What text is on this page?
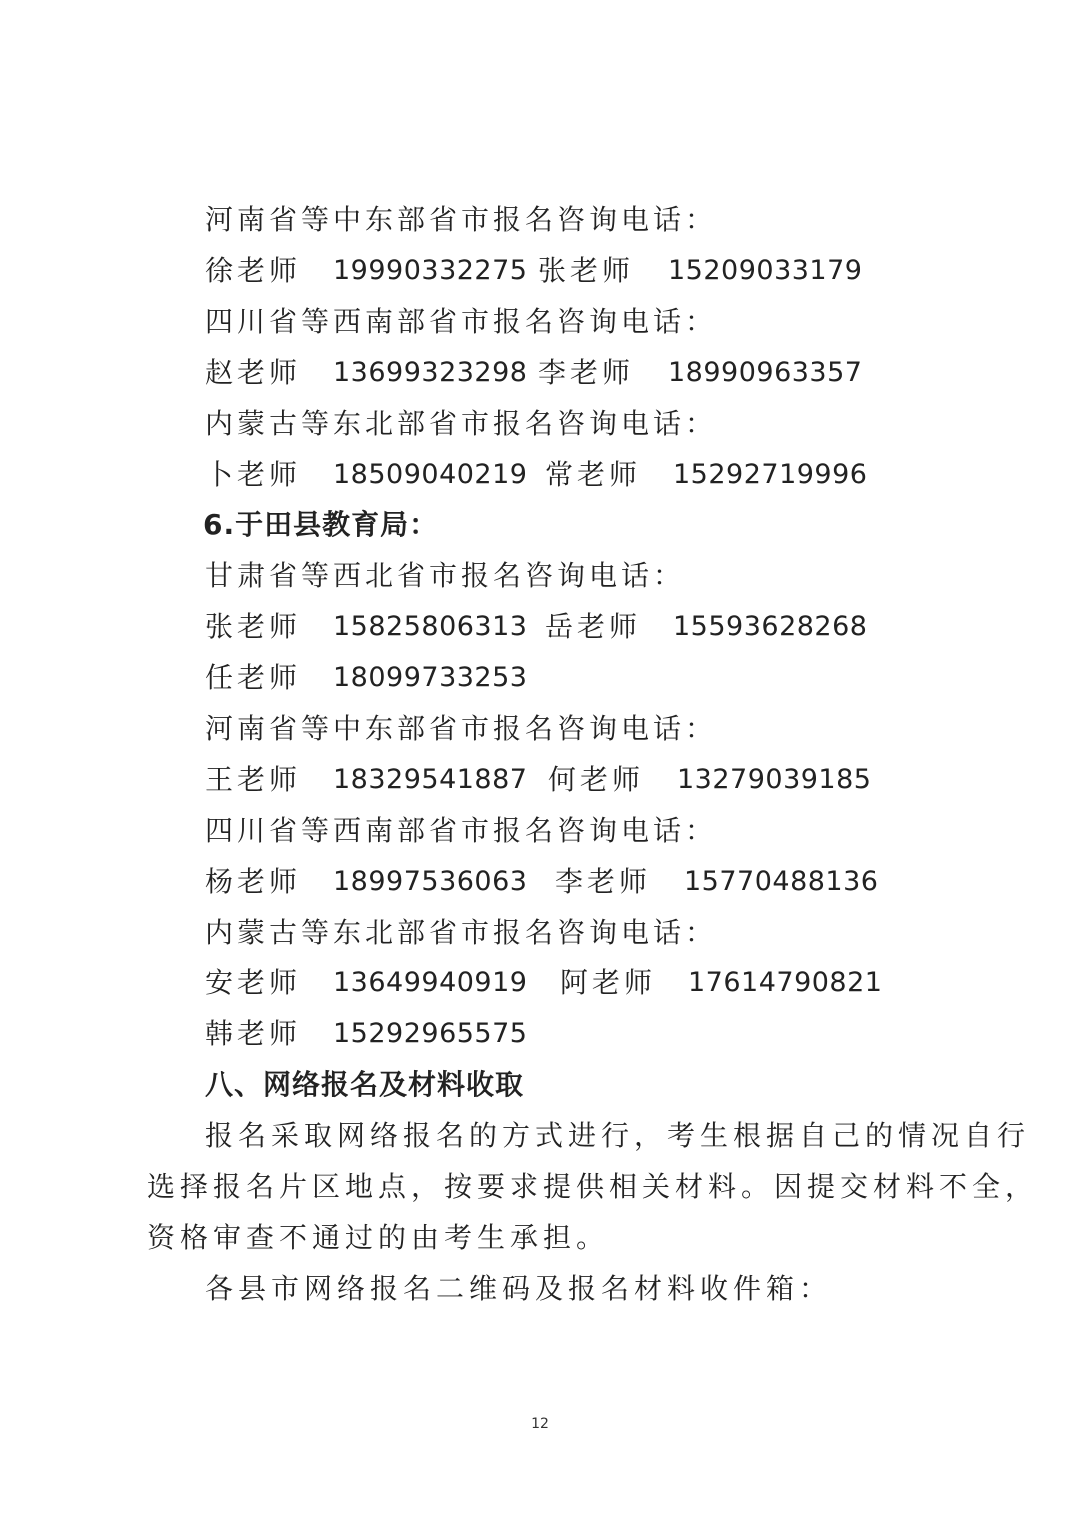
河南省等中东部省市报名咨询电话：
徐老师 19990332275 张老师 15209033179
四川省等西南部省市报名咨询电话：
赵老师 13699323298 李老师 18990963357
内蒙古等东北部省市报名咨询电话：
卜老师 18509040219 常老师 15292719996
6.于田县教育局：
甘肃省等西北省市报名咨询电话：
张老师 15825806313 岳老师 15593628268
任老师 18099733253
河南省等中东部省市报名咨询电话：
王老师 18329541887 何老师 13279039185
四川省等西南部省市报名咨询电话：
杨老师 18997536063 李老师 15770488136
内蒙古等东北部省市报名咨询电话：
安老师 13649940919 阿老师 17614790821
韩老师 15292965575
八、网络报名及材料收取
报名采取网络报名的方式进行，考生根据自己的情况自行
选择报名片区地点，按要求提供相关材料。因提交材料不全，
资格审查不通过的由考生承担。
各县市网络报名二维码及报名材料收件箱：
12
